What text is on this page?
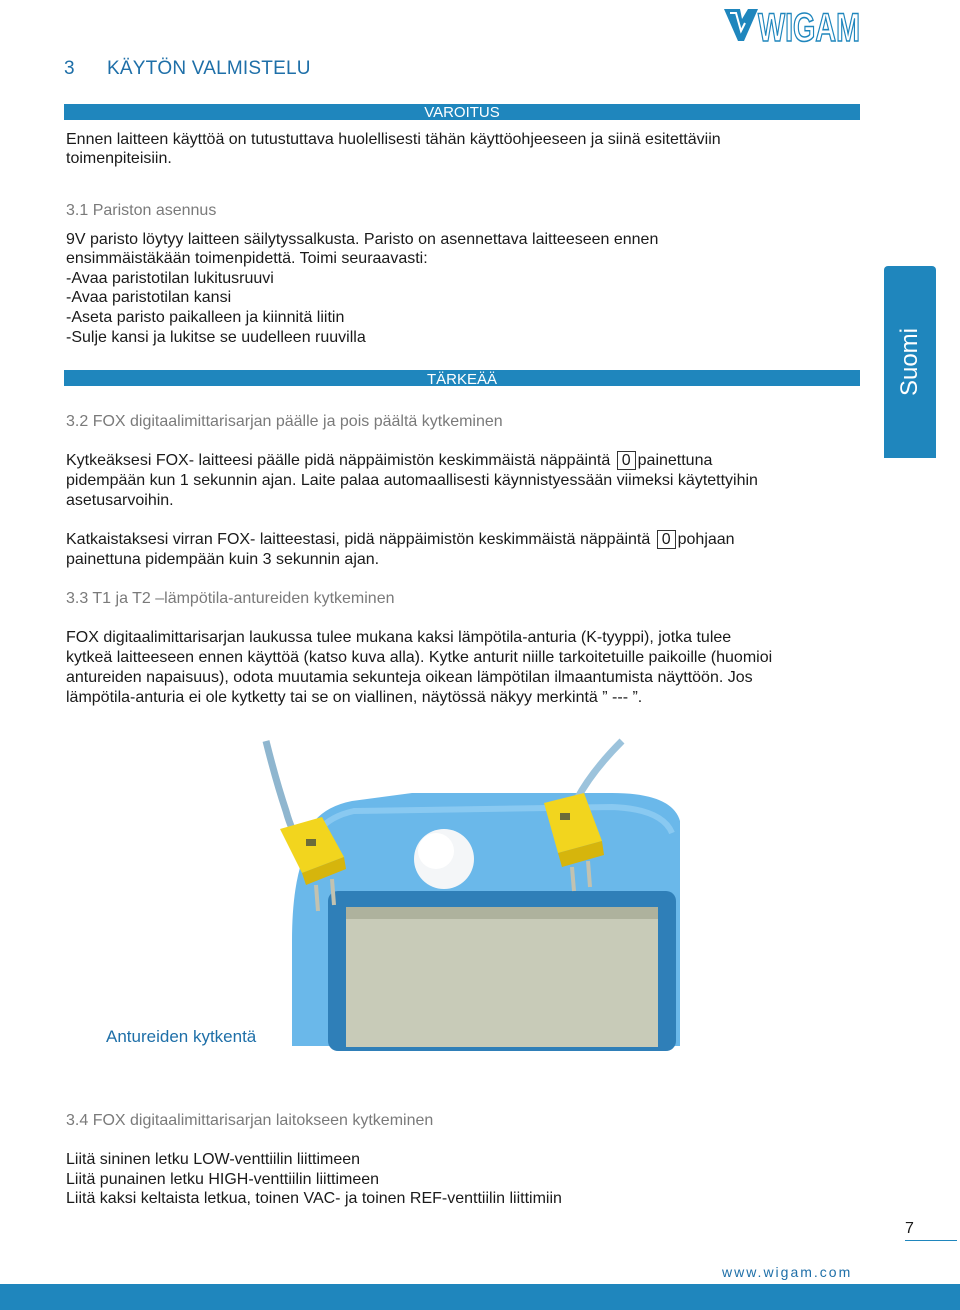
WIGAM
3 KÄYTÖN VALMISTELU
VAROITUS
Ennen laitteen käyttöä on tutustuttava huolellisesti tähän käyttöohjeeseen ja siinä esitettäviin
toimenpiteisiin.
3.1 Pariston asennus
9V paristo löytyy laitteen säilytyssalkusta. Paristo on asennettava laitteeseen ennen
ensimmäistäkään toimenpidettä. Toimi seuraavasti:
-Avaa paristotilan lukitusruuvi
-Avaa paristotilan kansi
-Aseta paristo paikalleen ja kiinnitä liitin
-Sulje kansi ja lukitse se uudelleen ruuvilla
TÄRKEÄÄ	Suomi
3.2 FOX digitaalimittarisarjan päälle ja pois päältä kytkeminen
Kytkeäksesi FOX- laitteesi päälle pidä näppäimistön keskimmäistä näppäintä 0 painettuna
pidempään kun 1 sekunnin ajan. Laite palaa automaallisesti käynnistyessään viimeksi käytettyihin
asetusarvoihin.
Katkaistaksesi virran FOX- laitteestasi, pidä näppäimistön keskimmäistä näppäintä 0 pohjaan
painettuna pidempään kuin 3 sekunnin ajan.
3.3 T1 ja T2 –lämpötila-antureiden kytkeminen
FOX digitaalimittarisarjan laukussa tulee mukana kaksi lämpötila-anturia (K-tyyppi), jotka tulee
kytkeä laitteeseen ennen käyttöä (katso kuva alla). Kytke anturit niille tarkoitetuille paikoille (huomioi
antureiden napaisuus), odota muutamia sekunteja oikean lämpötilan ilmaantumista näyttöön. Jos
lämpötila-anturia ei ole kytketty tai se on viallinen, näytössä näkyy merkintä ” --- ”.
Antureiden kytkentä
3.4 FOX digitaalimittarisarjan laitokseen kytkeminen
Liitä sininen letku LOW-venttiilin liittimeen
Liitä punainen letku HIGH-venttiilin liittimeen
Liitä kaksi keltaista letkua, toinen VAC- ja toinen REF-venttiilin liittimiin
7
www.wigam.com
